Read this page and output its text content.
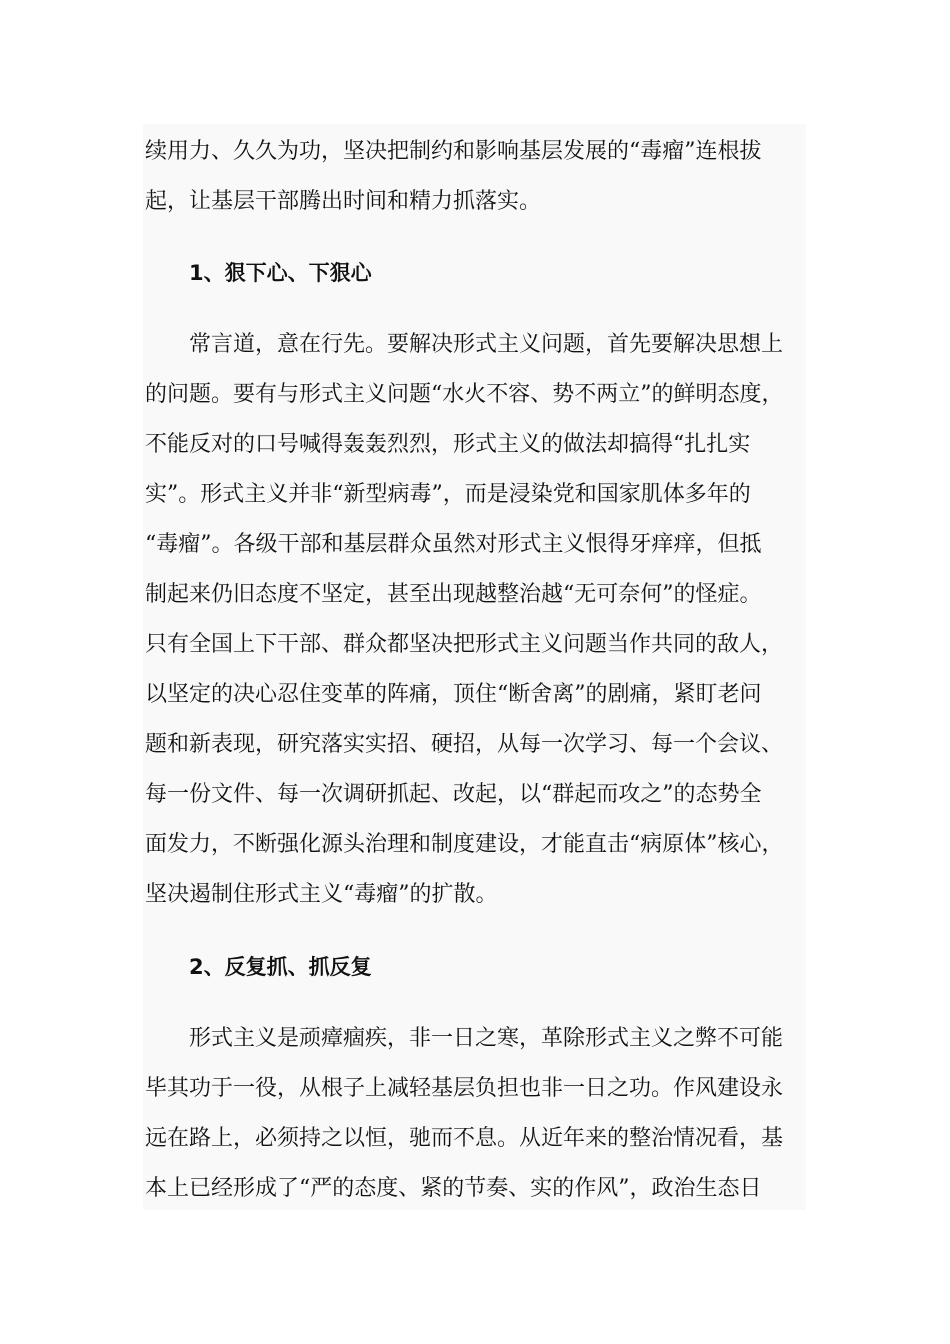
续用力、久久为功，坚决把制约和影响基层发展的“毒瘤”连根拔
起，让基层干部腾出时间和精力抓落实。
1、狠下心、下狠心
常言道，意在行先。要解决形式主义问题，首先要解决思想上
的问题。要有与形式主义问题“水火不容、势不两立”的鲜明态度，
不能反对的口号喊得轰轰烈烈，形式主义的做法却搞得“扎扎实
实”。形式主义并非“新型病毒”，而是浸染党和国家肌体多年的
“毒瘤”。各级干部和基层群众虽然对形式主义恨得牙痒痒，但抵
制起来仍旧态度不坚定，甚至出现越整治越“无可奈何”的怪症。
只有全国上下干部、群众都坚决把形式主义问题当作共同的敌人，
以坚定的决心忍住变革的阵痛，顶住“断舍离”的剧痛，紧盯老问
题和新表现，研究落实实招、硬招，从每一次学习、每一个会议、
每一份文件、每一次调研抓起、改起，以“群起而攻之”的态势全
面发力，不断强化源头治理和制度建设，才能直击“病原体”核心，
坚决遏制住形式主义“毒瘤”的扩散。
2、反复抓、抓反复
形式主义是顽瘴痼疾，非一日之寒，革除形式主义之弊不可能
毕其功于一役，从根子上减轻基层负担也非一日之功。作风建设永
远在路上，必须持之以恒，驰而不息。从近年来的整治情况看，基
本上已经形成了“严的态度、紧的节奏、实的作风”，政治生态日
